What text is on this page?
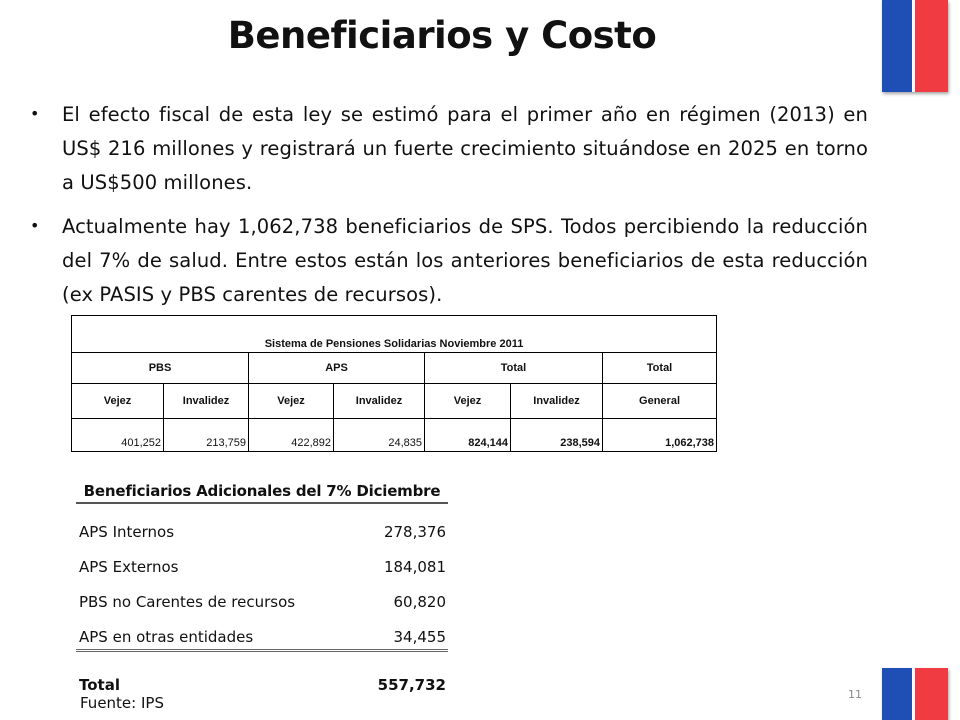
Beneficiarios y Costo
• El efecto fiscal de esta ley se estimó para el primer año en régimen (2013) en US$ 216 millones y registrará un fuerte crecimiento situándose en 2025 en torno a US$500 millones.
• Actualmente hay 1,062,738 beneficiarios de SPS. Todos percibiendo la reducción del 7% de salud. Entre estos están los anteriores beneficiarios de esta reducción (ex PASIS y PBS carentes de recursos).
Sistema de Pensiones Solidarias Noviembre 2011						
PBS		APS		Total		Total
Vejez	Invalidez	Vejez	Invalidez	Vejez	Invalidez	General
401,252	213,759	422,892	24,835	824,144	238,594	1,062,738
Beneficiarios Adicionales del 7% Diciembre
APS Internos	278,376
APS Externos	184,081
PBS no Carentes de recursos	60,820
APS en otras entidades	34,455
Total	557,732
Fuente: IPS	11
